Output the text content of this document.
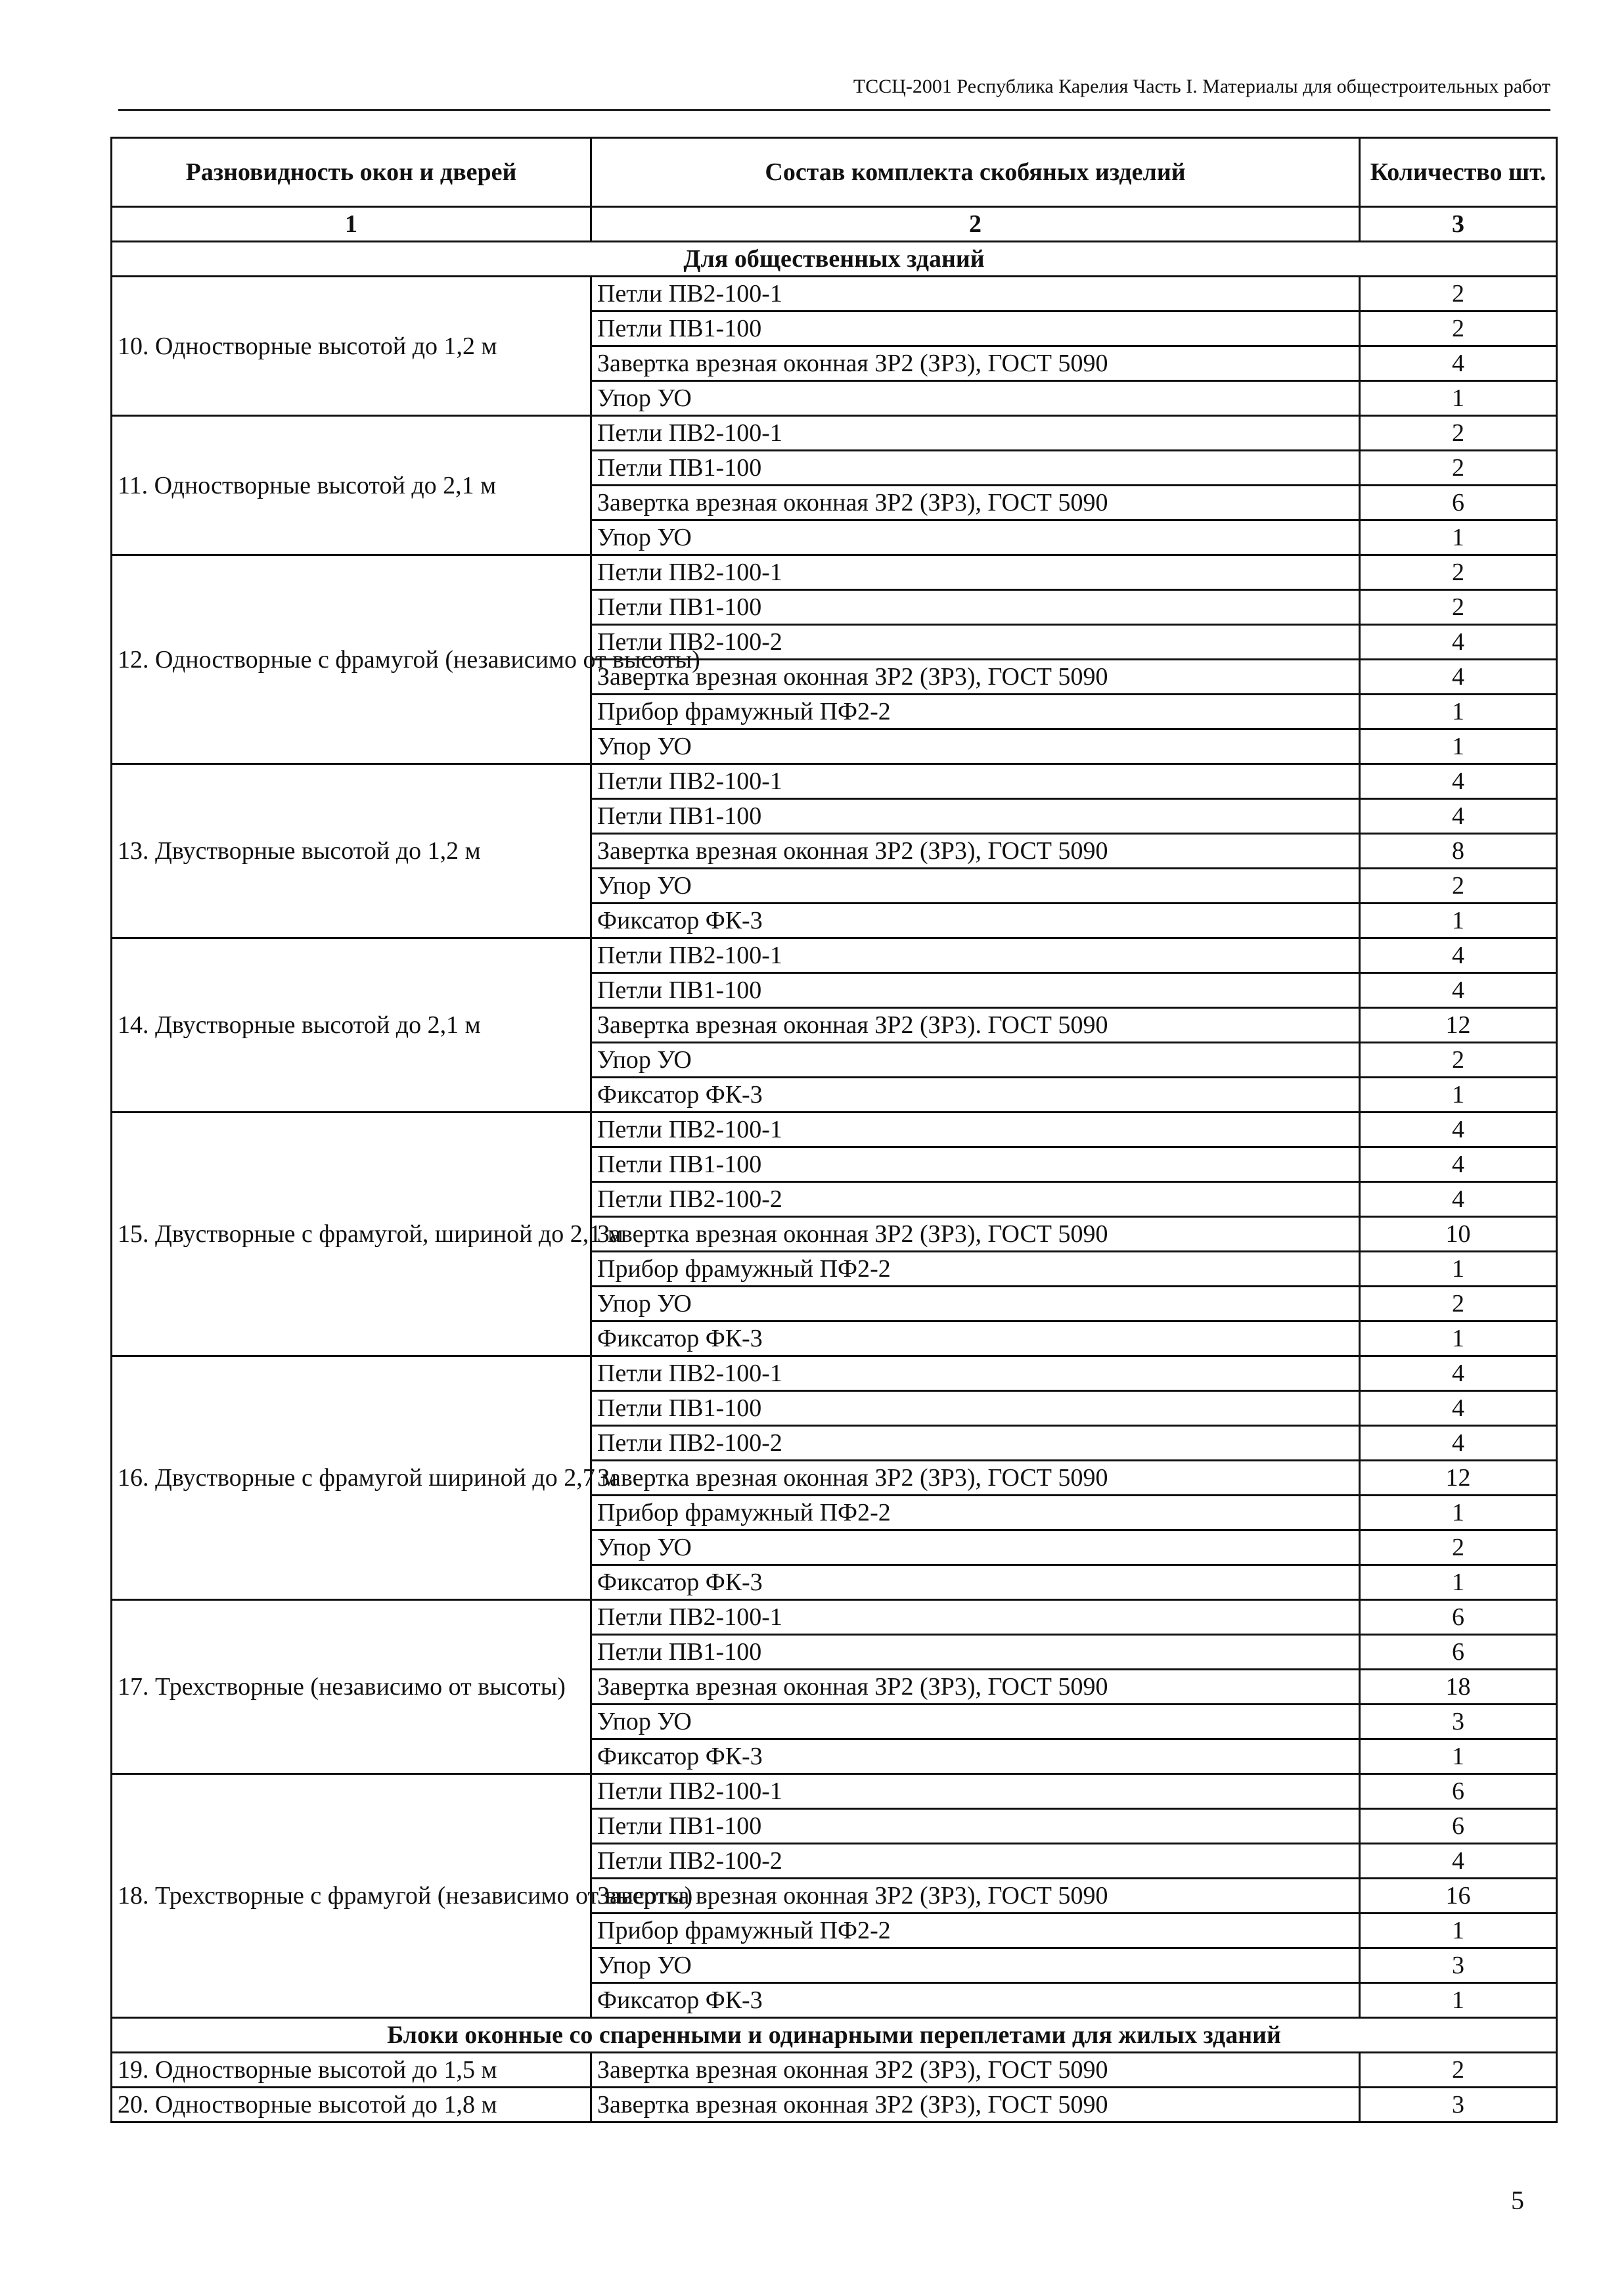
ТССЦ-2001 Республика Карелия Часть I. Материалы для общестроительных работ
Разновидность окон и дверей	Состав комплекта скобяных изделий	Количество шт.
1	2	3
Для общественных зданий		
10. Одностворные высотой до 1,2 м	Петли ПВ2-100-1	2
	Петли ПВ1-100	2
	Завертка врезная оконная ЗР2 (ЗР3), ГОСТ 5090	4
	Упор УО	1
11. Одностворные высотой до 2,1 м	Петли ПВ2-100-1	2
	Петли ПВ1-100	2
	Завертка врезная оконная ЗР2 (ЗР3), ГОСТ 5090	6
	Упор УО	1
12. Одностворные с фрамугой (независимо от высоты)	Петли ПВ2-100-1	2
	Петли ПВ1-100	2
	Петли ПВ2-100-2	4
	Завертка врезная оконная ЗР2 (ЗР3), ГОСТ 5090	4
	Прибор фрамужный ПФ2-2	1
	Упор УО	1
13. Двустворные высотой до 1,2 м	Петли ПВ2-100-1	4
	Петли ПВ1-100	4
	Завертка врезная оконная ЗР2 (ЗР3), ГОСТ 5090	8
	Упор УО	2
	Фиксатор ФК-3	1
14. Двустворные высотой до 2,1 м	Петли ПВ2-100-1	4
	Петли ПВ1-100	4
	Завертка врезная оконная ЗР2 (ЗР3). ГОСТ 5090	12
	Упор УО	2
	Фиксатор ФК-3	1
15. Двустворные с фрамугой, шириной до 2,1 м	Петли ПВ2-100-1	4
	Петли ПВ1-100	4
	Петли ПВ2-100-2	4
	Завертка врезная оконная ЗР2 (ЗР3), ГОСТ 5090	10
	Прибор фрамужный ПФ2-2	1
	Упор УО	2
	Фиксатор ФК-3	1
16. Двустворные с фрамугой шириной до 2,7 м	Петли ПВ2-100-1	4
	Петли ПВ1-100	4
	Петли ПВ2-100-2	4
	Завертка врезная оконная ЗР2 (ЗР3), ГОСТ 5090	12
	Прибор фрамужный ПФ2-2	1
	Упор УО	2
	Фиксатор ФК-3	1
17. Трехстворные (независимо от высоты)	Петли ПВ2-100-1	6
	Петли ПВ1-100	6
	Завертка врезная оконная ЗР2 (ЗР3), ГОСТ 5090	18
	Упор УО	3
	Фиксатор ФК-3	1
18. Трехстворные с фрамугой (независимо от высоты)	Петли ПВ2-100-1	6
	Петли ПВ1-100	6
	Петли ПВ2-100-2	4
	Завертка врезная оконная ЗР2 (ЗР3), ГОСТ 5090	16
	Прибор фрамужный ПФ2-2	1
	Упор УО	3
	Фиксатор ФК-3	1
Блоки оконные со спаренными и одинарными переплетами для жилых зданий		
19. Одностворные высотой до 1,5 м	Завертка врезная оконная ЗР2 (ЗР3), ГОСТ 5090	2
20. Одностворные высотой до 1,8 м	Завертка врезная оконная ЗР2 (ЗР3), ГОСТ 5090	3
5
